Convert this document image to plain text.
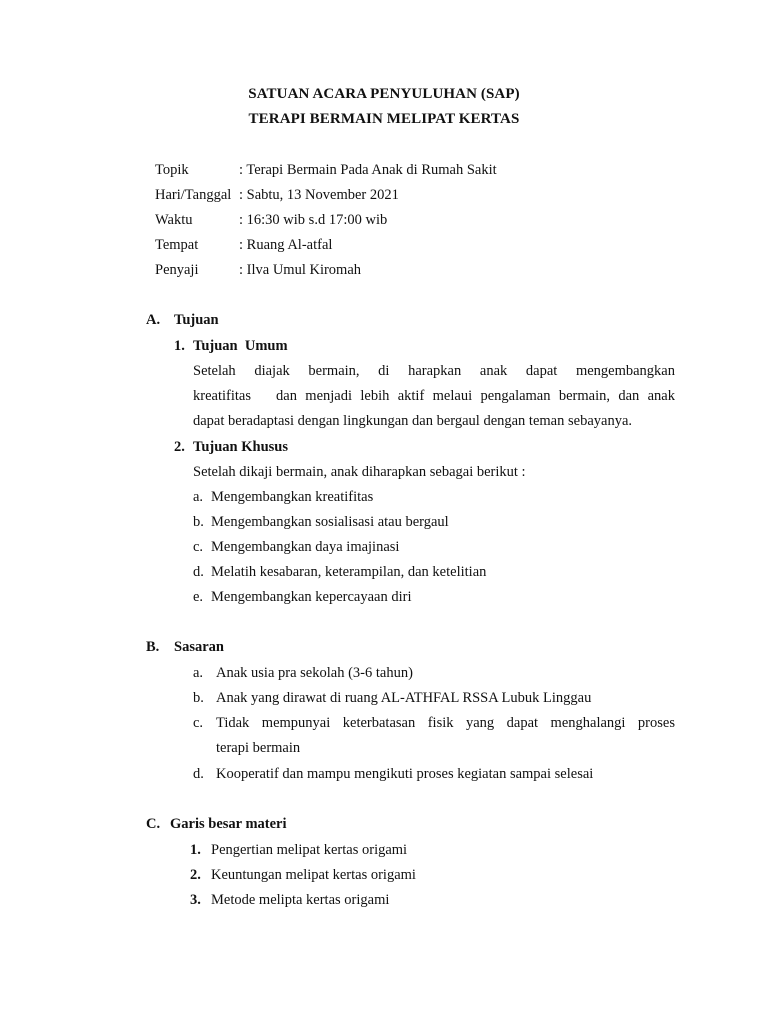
SATUAN ACARA PENYULUHAN (SAP)
TERAPI BERMAIN MELIPAT KERTAS
Topik	: Terapi Bermain Pada Anak di Rumah Sakit
Hari/Tanggal : Sabtu, 13 November 2021
Waktu	: 16:30 wib s.d 17:00 wib
Tempat	: Ruang Al-atfal
Penyaji	: Ilva Umul Kiromah
A. Tujuan
1. Tujuan  Umum
Setelah diajak bermain, di harapkan anak dapat mengembangkan
kreatifitas   dan menjadi lebih aktif melaui pengalaman bermain, dan anak
dapat beradaptasi dengan lingkungan dan bergaul dengan teman sebayanya.
2. Tujuan Khusus
Setelah dikaji bermain, anak diharapkan sebagai berikut :
a. Mengembangkan kreatifitas
b. Mengembangkan sosialisasi atau bergaul
c. Mengembangkan daya imajinasi
d. Melatih kesabaran, keterampilan, dan ketelitian
e. Mengembangkan kepercayaan diri
B. Sasaran
a. Anak usia pra sekolah (3-6 tahun)
b. Anak yang dirawat di ruang AL-ATHFAL RSSA Lubuk Linggau
c. Tidak mempunyai keterbatasan fisik yang dapat menghalangi proses
terapi bermain
d. Kooperatif dan mampu mengikuti proses kegiatan sampai selesai
C. Garis besar materi
1. Pengertian melipat kertas origami
2. Keuntungan melipat kertas origami
3. Metode melipta kertas origami
